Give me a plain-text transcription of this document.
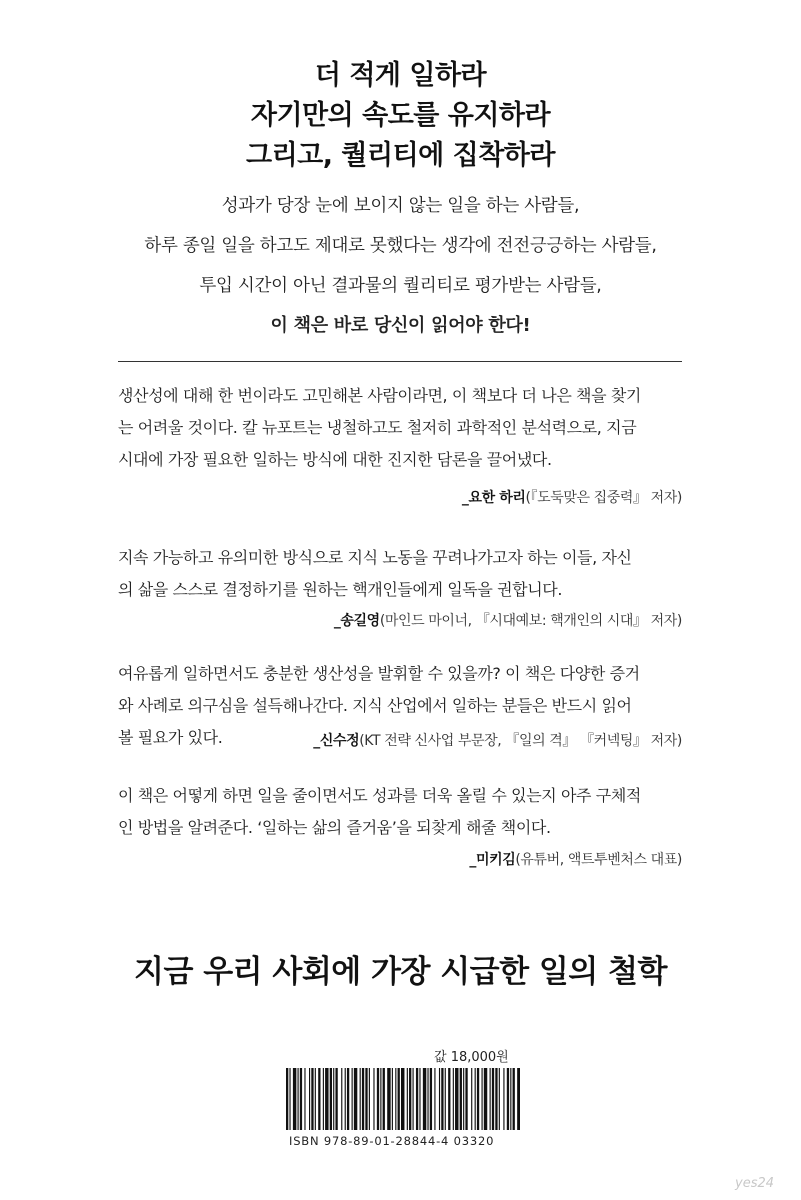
더 적게 일하라
자기만의 속도를 유지하라
그리고, 퀄리티에 집착하라
성과가 당장 눈에 보이지 않는 일을 하는 사람들,
하루 종일 일을 하고도 제대로 못했다는 생각에 전전긍긍하는 사람들,
투입 시간이 아닌 결과물의 퀄리티로 평가받는 사람들,
이 책은 바로 당신이 읽어야 한다!
생산성에 대해 한 번이라도 고민해본 사람이라면, 이 책보다 더 나은 책을 찾기
는 어려울 것이다. 칼 뉴포트는 냉철하고도 철저히 과학적인 분석력으로, 지금
시대에 가장 필요한 일하는 방식에 대한 진지한 담론을 끌어냈다.
_요한 하리(『도둑맞은 집중력』 저자)
지속 가능하고 유의미한 방식으로 지식 노동을 꾸려나가고자 하는 이들, 자신
의 삶을 스스로 결정하기를 원하는 핵개인들에게 일독을 권합니다.
_송길영(마인드 마이너, 『시대예보: 핵개인의 시대』 저자)
여유롭게 일하면서도 충분한 생산성을 발휘할 수 있을까? 이 책은 다양한 증거
와 사례로 의구심을 설득해나간다. 지식 산업에서 일하는 분들은 반드시 읽어
볼 필요가 있다.	_신수정(KT 전략 신사업 부문장, 『일의 격』 『커넥팅』 저자)
이 책은 어떻게 하면 일을 줄이면서도 성과를 더욱 올릴 수 있는지 아주 구체적
인 방법을 알려준다. ‘일하는 삶의 즐거움’을 되찾게 해줄 책이다.
_미키김(유튜버, 액트투벤처스 대표)
지금 우리 사회에 가장 시급한 일의 철학
값 18,000원
ISBN 978-89-01-28844-4 03320
yes24
